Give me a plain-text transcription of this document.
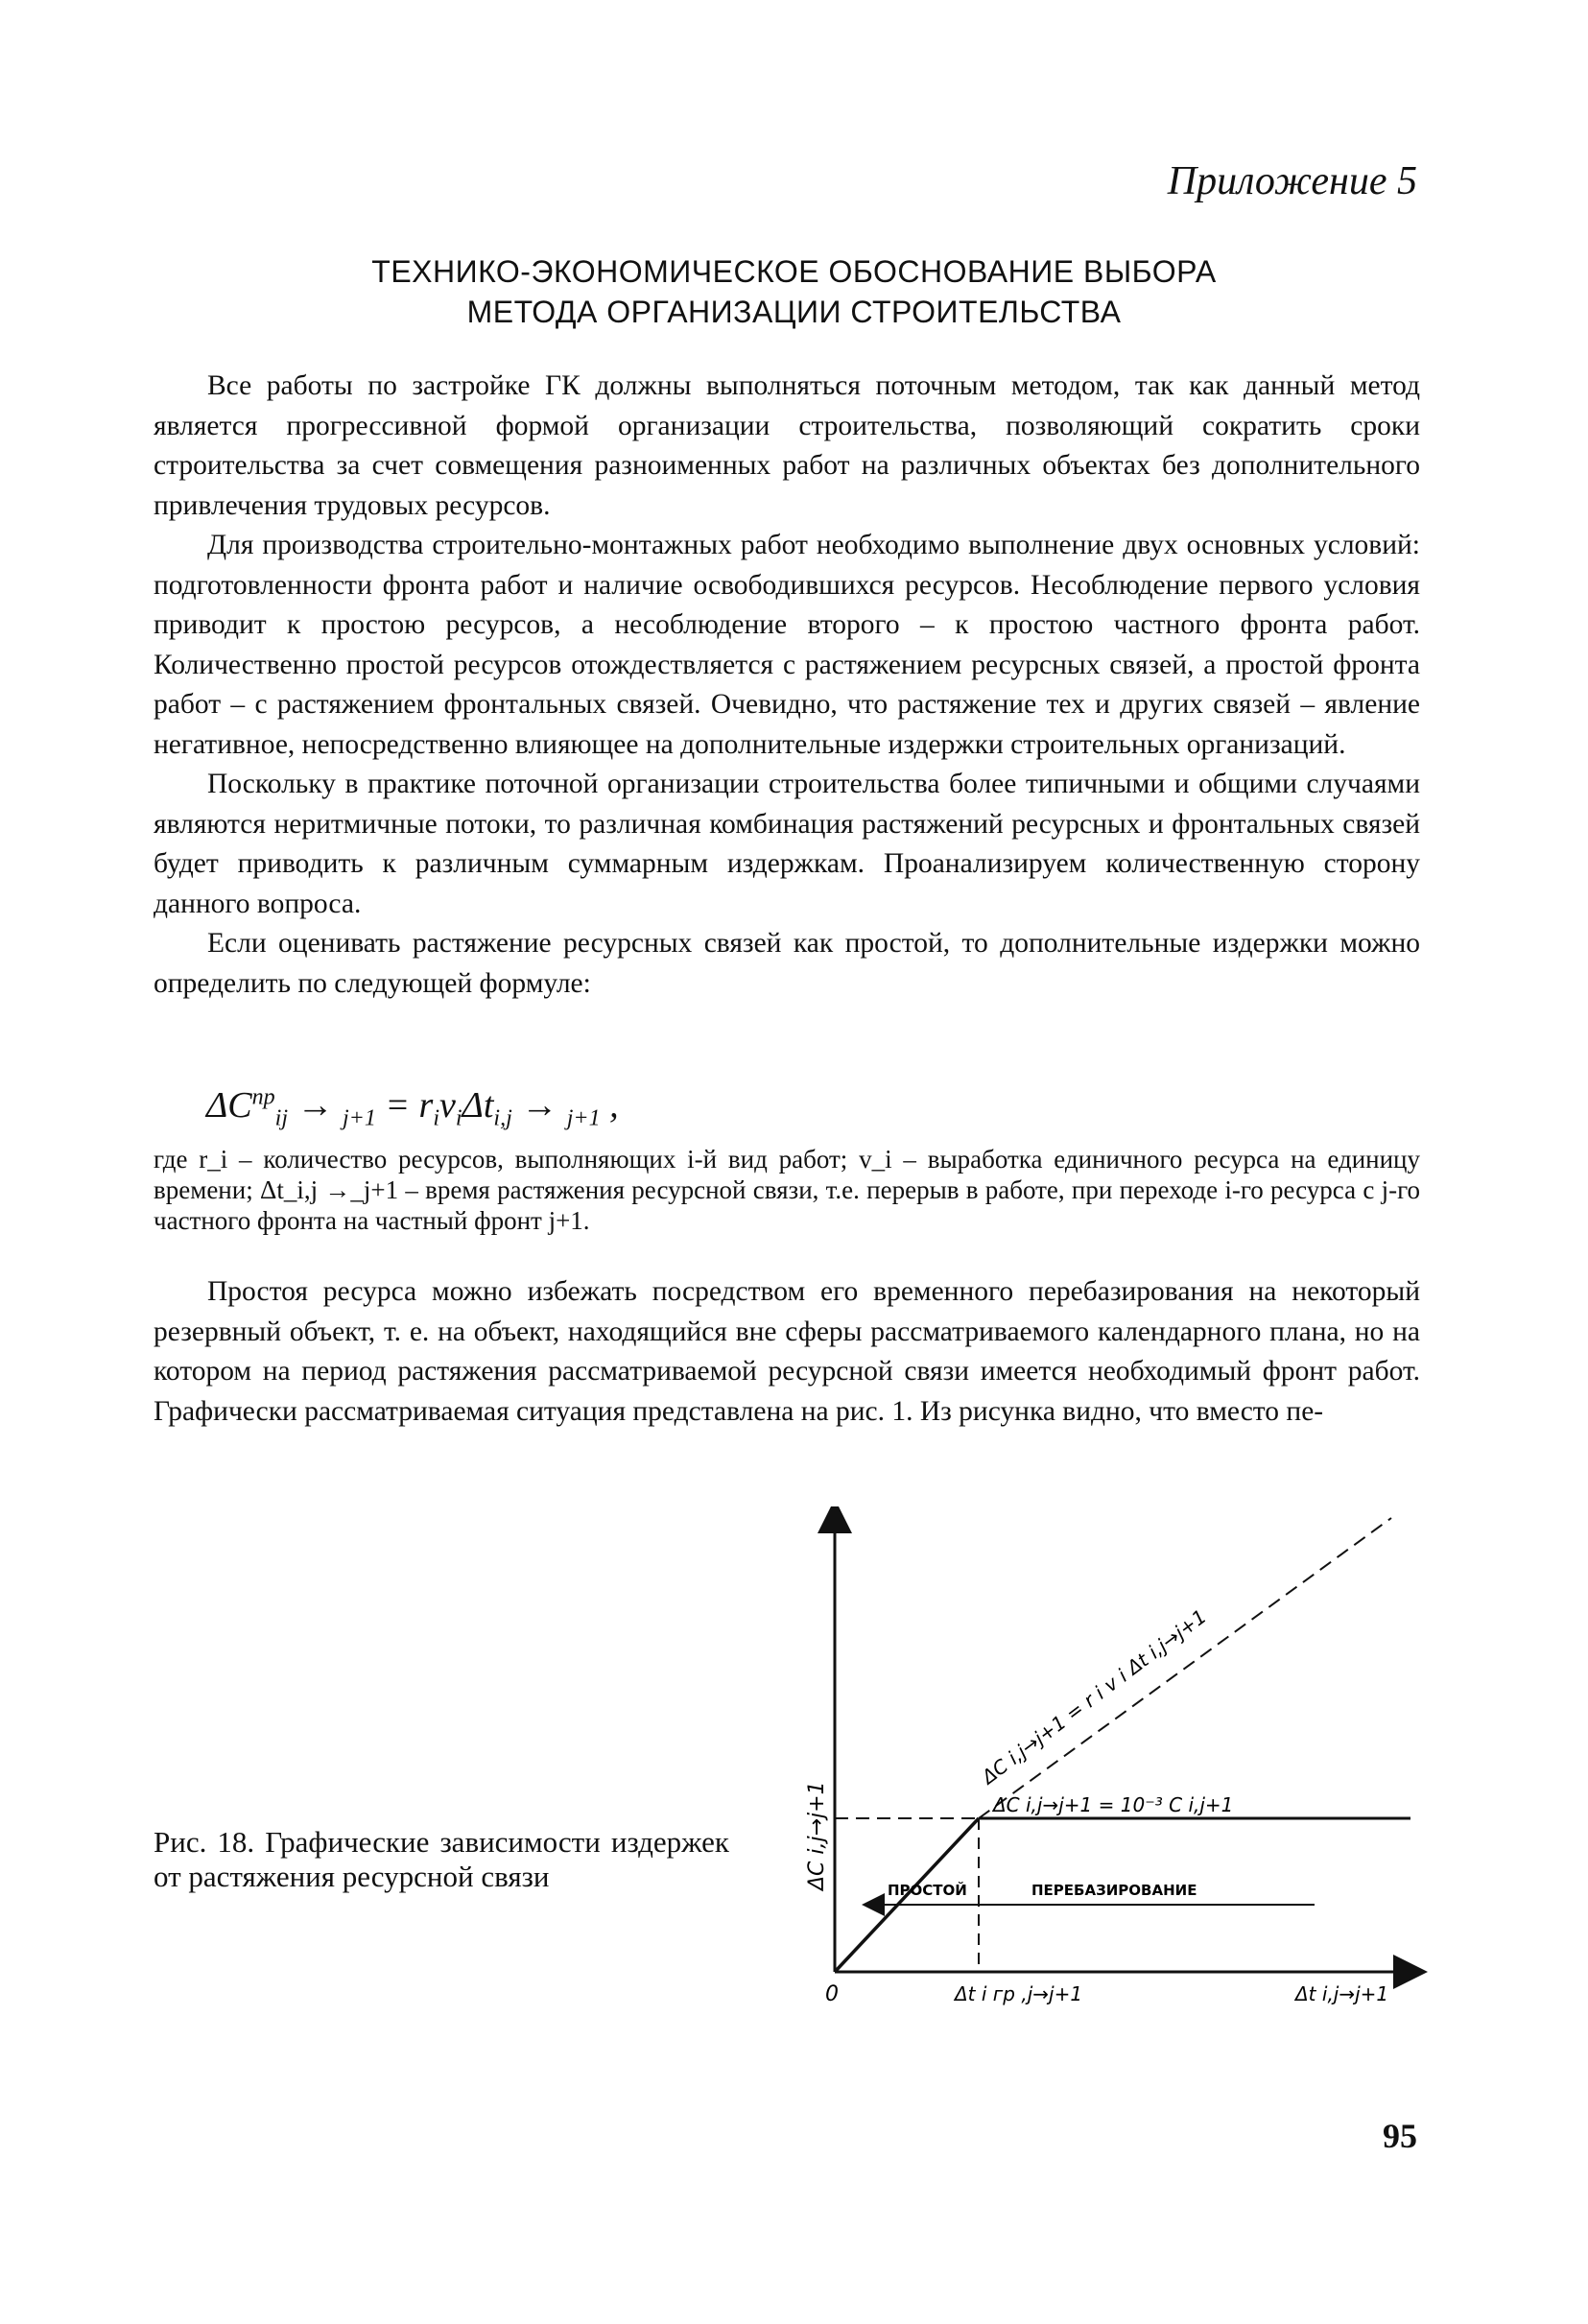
Приложение 5
ТЕХНИКО-ЭКОНОМИЧЕСКОЕ ОБОСНОВАНИЕ ВЫБОРА
МЕТОДА ОРГАНИЗАЦИИ СТРОИТЕЛЬСТВА

Все работы по застройке ГК должны выполняться поточным методом, так как данный метод является прогрессивной формой организации строительства, позволяющий сократить сроки строительства за счет совмещения разноименных работ на различных объектах без дополнительного привлечения трудовых ресурсов.

Для производства строительно-монтажных работ необходимо выполнение двух основных условий: подготовленности фронта работ и наличие освободившихся ресурсов. Несоблюдение первого условия приводит к простою ресурсов, а несоблюдение второго – к простою частного фронта работ. Количественно простой ресурсов отождествляется с растяжением ресурсных связей, а простой фронта работ – с растяжением фронтальных связей. Очевидно, что растяжение тех и других связей – явление негативное, непосредственно влияющее на дополнительные издержки строительных организаций.

Поскольку в практике поточной организации строительства более типичными и общими случаями являются неритмичные потоки, то различная комбинация растяжений ресурсных и фронтальных связей будет приводить к различным суммарным издержкам. Проанализируем количественную сторону данного вопроса.

Если оценивать растяжение ресурсных связей как простой, то дополнительные издержки можно определить по следующей формуле:

$\Delta C^{пр}_{ij} \to _{j+1} = r_iv_i\Delta t_{i,j} \to _{j+1}$ ,

где r_i – количество ресурсов, выполняющих i-й вид работ; v_i – выработка единичного ресурса на единицу времени; Δt_i,j →_j+1 – время растяжения ресурсной связи, т.е. перерыв в работе, при переходе i-го ресурса с j-го частного фронта на частный фронт j+1.

Простоя ресурса можно избежать посредством его временного перебазирования на некоторый резервный объект, т. е. на объект, находящийся вне сферы рассматриваемого календарного плана, но на котором на период растяжения рассматриваемой ресурсной связи имеется необходимый фронт работ. Графически рассматриваемая ситуация представлена на рис. 1. Из рисунка видно, что вместо пе-

Рис. 18. Графические зависимости издержек от растяжения ресурсной связи	ΔC i,j→j+1
0	Δt i гр ,j→j+1	Δt i,j→j+1
ΔC i,j→j+1 = r i v i Δt i,j→j+1
ΔC i,j→j+1 = 10⁻³ C i,j+1
ПРОСТОЙ	ПЕРЕБАЗИРОВАНИЕ
95
